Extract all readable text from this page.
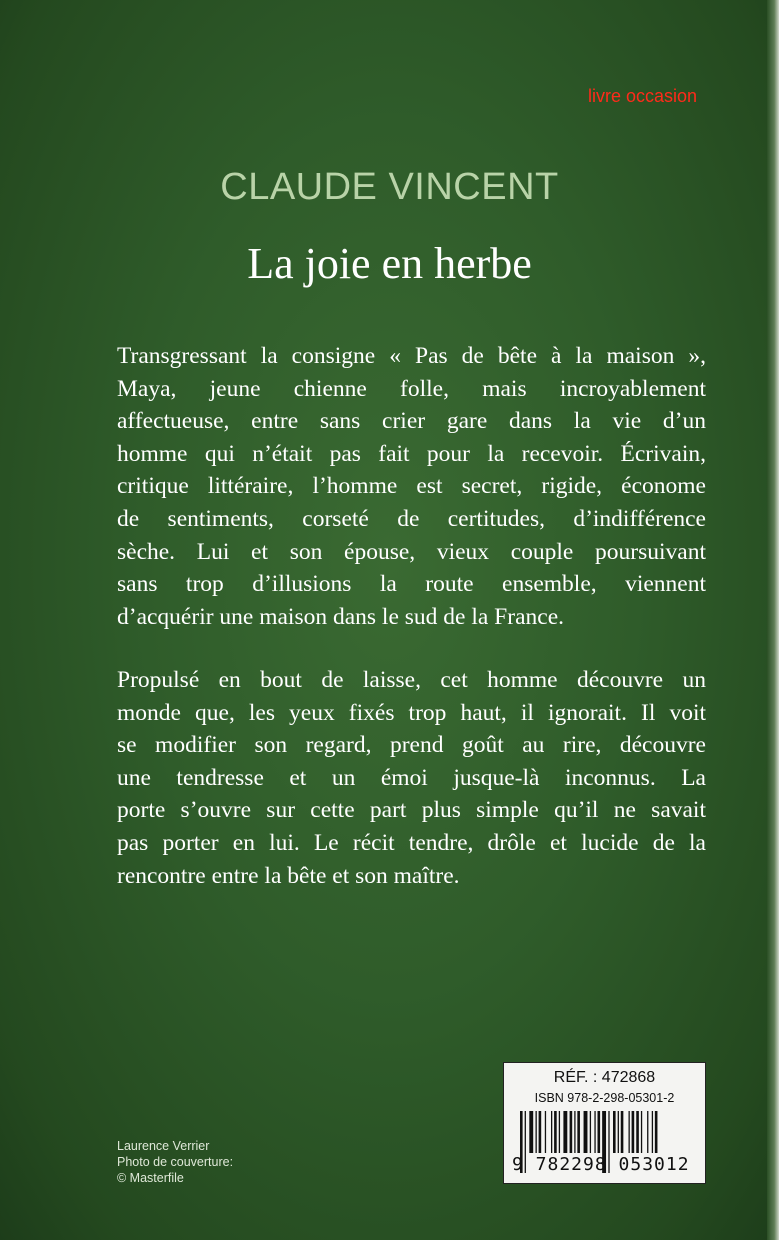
livre occasion
CLAUDE VINCENT
La joie en herbe
Transgressant la consigne « Pas de bête à la maison »,
Maya, jeune chienne folle, mais incroyablement
affectueuse, entre sans crier gare dans la vie d’un
homme qui n’était pas fait pour la recevoir. Écrivain,
critique littéraire, l’homme est secret, rigide, économe
de sentiments, corseté de certitudes, d’indifférence
sèche. Lui et son épouse, vieux couple poursuivant
sans trop d’illusions la route ensemble, viennent
d’acquérir une maison dans le sud de la France.
Propulsé en bout de laisse, cet homme découvre un
monde que, les yeux fixés trop haut, il ignorait. Il voit
se modifier son regard, prend goût au rire, découvre
une tendresse et un émoi jusque-là inconnus. La
porte s’ouvre sur cette part plus simple qu’il ne savait
pas porter en lui. Le récit tendre, drôle et lucide de la
rencontre entre la bête et son maître.
Laurence Verrier
Photo de couverture:
© Masterfile
RÉF. : 472868
ISBN 978-2-298-05301-2
9 782298 053012
